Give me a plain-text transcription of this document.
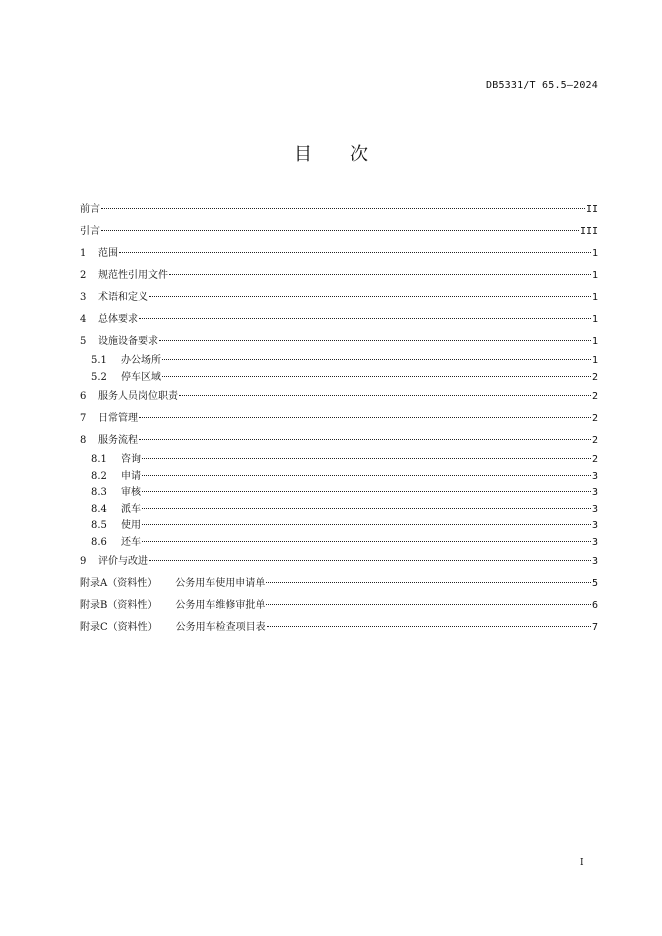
DB5331/T 65.5—2024
目 次
前言	II
引言	III
1	范围	1
2	规范性引用文件	1
3	术语和定义	1
4	总体要求	1
5	设施设备要求	1
5.1	办公场所	1
5.2	停车区域	2
6	服务人员岗位职责	2
7	日常管理	2
8	服务流程	2
8.1	咨询	2
8.2	申请	3
8.3	审核	3
8.4	派车	3
8.5	使用	3
8.6	还车	3
9	评价与改进	3
附录A（资料性） 公务用车使用申请单	5
附录B（资料性） 公务用车维修审批单	6
附录C（资料性） 公务用车检查项目表	7
I
